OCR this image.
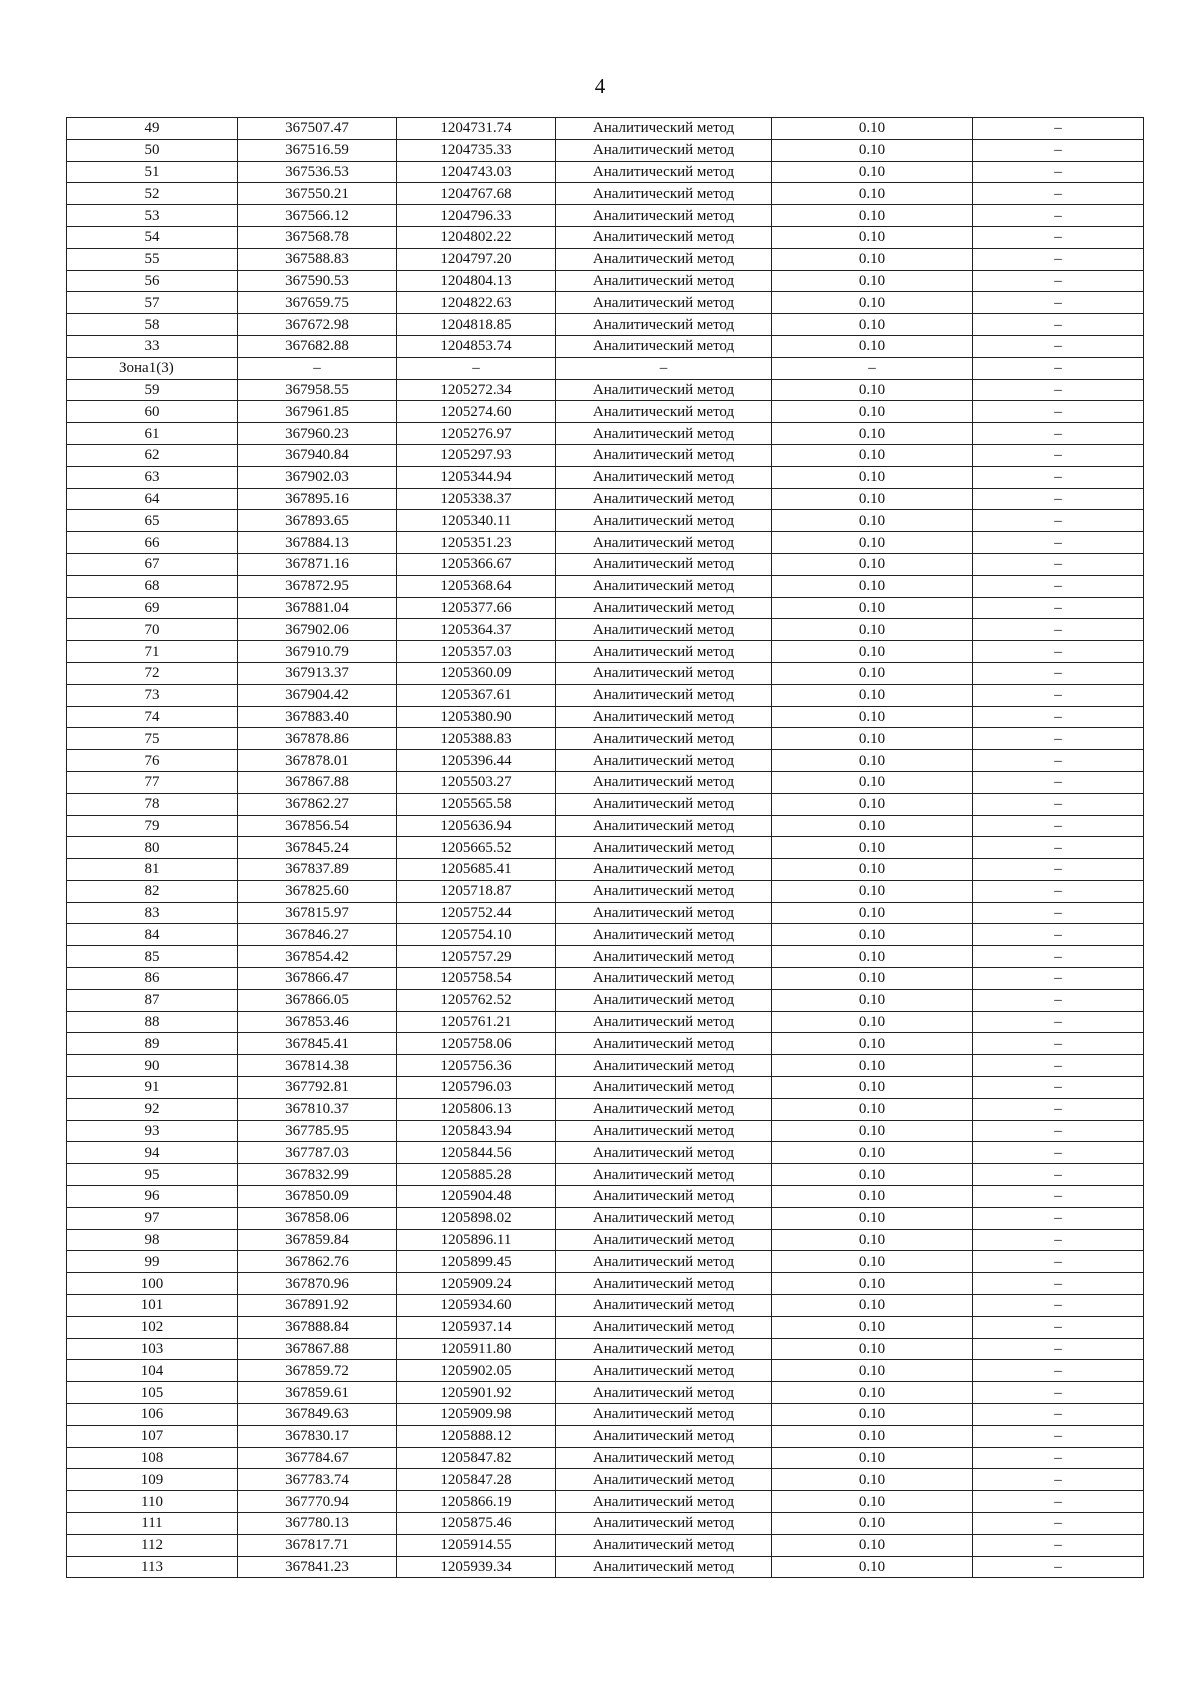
4
49	367507.47	1204731.74	Аналитический метод	0.10	–
50	367516.59	1204735.33	Аналитический метод	0.10	–
51	367536.53	1204743.03	Аналитический метод	0.10	–
52	367550.21	1204767.68	Аналитический метод	0.10	–
53	367566.12	1204796.33	Аналитический метод	0.10	–
54	367568.78	1204802.22	Аналитический метод	0.10	–
55	367588.83	1204797.20	Аналитический метод	0.10	–
56	367590.53	1204804.13	Аналитический метод	0.10	–
57	367659.75	1204822.63	Аналитический метод	0.10	–
58	367672.98	1204818.85	Аналитический метод	0.10	–
33	367682.88	1204853.74	Аналитический метод	0.10	–
Зона1(3)	–	–	–	–	–
59	367958.55	1205272.34	Аналитический метод	0.10	–
60	367961.85	1205274.60	Аналитический метод	0.10	–
61	367960.23	1205276.97	Аналитический метод	0.10	–
62	367940.84	1205297.93	Аналитический метод	0.10	–
63	367902.03	1205344.94	Аналитический метод	0.10	–
64	367895.16	1205338.37	Аналитический метод	0.10	–
65	367893.65	1205340.11	Аналитический метод	0.10	–
66	367884.13	1205351.23	Аналитический метод	0.10	–
67	367871.16	1205366.67	Аналитический метод	0.10	–
68	367872.95	1205368.64	Аналитический метод	0.10	–
69	367881.04	1205377.66	Аналитический метод	0.10	–
70	367902.06	1205364.37	Аналитический метод	0.10	–
71	367910.79	1205357.03	Аналитический метод	0.10	–
72	367913.37	1205360.09	Аналитический метод	0.10	–
73	367904.42	1205367.61	Аналитический метод	0.10	–
74	367883.40	1205380.90	Аналитический метод	0.10	–
75	367878.86	1205388.83	Аналитический метод	0.10	–
76	367878.01	1205396.44	Аналитический метод	0.10	–
77	367867.88	1205503.27	Аналитический метод	0.10	–
78	367862.27	1205565.58	Аналитический метод	0.10	–
79	367856.54	1205636.94	Аналитический метод	0.10	–
80	367845.24	1205665.52	Аналитический метод	0.10	–
81	367837.89	1205685.41	Аналитический метод	0.10	–
82	367825.60	1205718.87	Аналитический метод	0.10	–
83	367815.97	1205752.44	Аналитический метод	0.10	–
84	367846.27	1205754.10	Аналитический метод	0.10	–
85	367854.42	1205757.29	Аналитический метод	0.10	–
86	367866.47	1205758.54	Аналитический метод	0.10	–
87	367866.05	1205762.52	Аналитический метод	0.10	–
88	367853.46	1205761.21	Аналитический метод	0.10	–
89	367845.41	1205758.06	Аналитический метод	0.10	–
90	367814.38	1205756.36	Аналитический метод	0.10	–
91	367792.81	1205796.03	Аналитический метод	0.10	–
92	367810.37	1205806.13	Аналитический метод	0.10	–
93	367785.95	1205843.94	Аналитический метод	0.10	–
94	367787.03	1205844.56	Аналитический метод	0.10	–
95	367832.99	1205885.28	Аналитический метод	0.10	–
96	367850.09	1205904.48	Аналитический метод	0.10	–
97	367858.06	1205898.02	Аналитический метод	0.10	–
98	367859.84	1205896.11	Аналитический метод	0.10	–
99	367862.76	1205899.45	Аналитический метод	0.10	–
100	367870.96	1205909.24	Аналитический метод	0.10	–
101	367891.92	1205934.60	Аналитический метод	0.10	–
102	367888.84	1205937.14	Аналитический метод	0.10	–
103	367867.88	1205911.80	Аналитический метод	0.10	–
104	367859.72	1205902.05	Аналитический метод	0.10	–
105	367859.61	1205901.92	Аналитический метод	0.10	–
106	367849.63	1205909.98	Аналитический метод	0.10	–
107	367830.17	1205888.12	Аналитический метод	0.10	–
108	367784.67	1205847.82	Аналитический метод	0.10	–
109	367783.74	1205847.28	Аналитический метод	0.10	–
110	367770.94	1205866.19	Аналитический метод	0.10	–
111	367780.13	1205875.46	Аналитический метод	0.10	–
112	367817.71	1205914.55	Аналитический метод	0.10	–
113	367841.23	1205939.34	Аналитический метод	0.10	–
